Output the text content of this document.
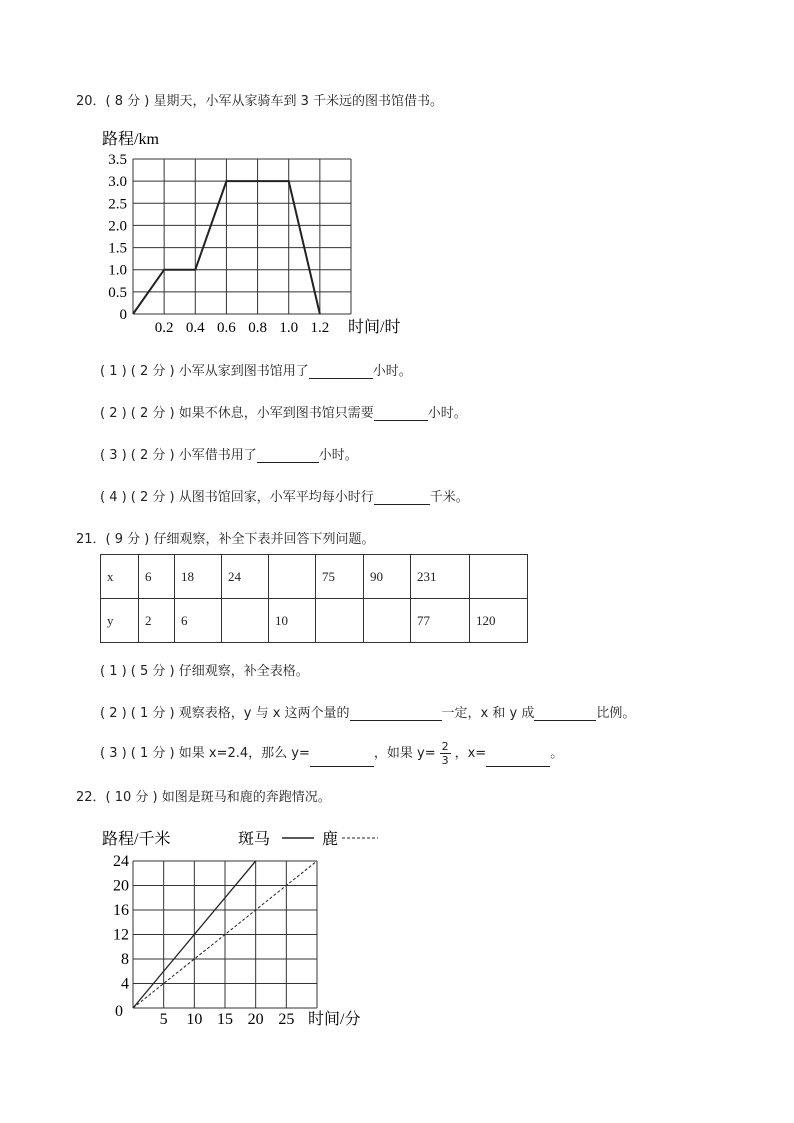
20．( 8 分 ) 星期天，小军从家骑车到 3 千米远的图书馆借书。
路程/km
3.5
3.0
2.5
2.0
1.5
1.0
0.5
0
0.2 0.4 0.6 0.8 1.0 1.2 时间/时
( 1 ) ( 2 分 ) 小军从家到图书馆用了	小时。
( 2 ) ( 2 分 ) 如果不休息，小军到图书馆只需要	小时。
( 3 ) ( 2 分 ) 小军借书用了	小时。
( 4 ) ( 2 分 ) 从图书馆回家，小军平均每小时行	千米。
21．( 9 分 ) 仔细观察，补全下表并回答下列问题。
x	6	18	24		75	90	231	
y	2	6		10			77	120
( 1 ) ( 5 分 ) 仔细观察，补全表格。
( 2 ) ( 1 分 ) 观察表格，y 与 x 这两个量的	一定，x 和 y 成	比例。
( 3 ) ( 1 分 ) 如果 x=2.4，那么 y=	，如果 $y= \frac{2}{3}$ ，x=	。
22．( 10 分 ) 如图是斑马和鹿的奔跑情况。
路程/千米	斑马	鹿
24
20
16
12
8
4
0 5 10 15 20 25 时间/分
